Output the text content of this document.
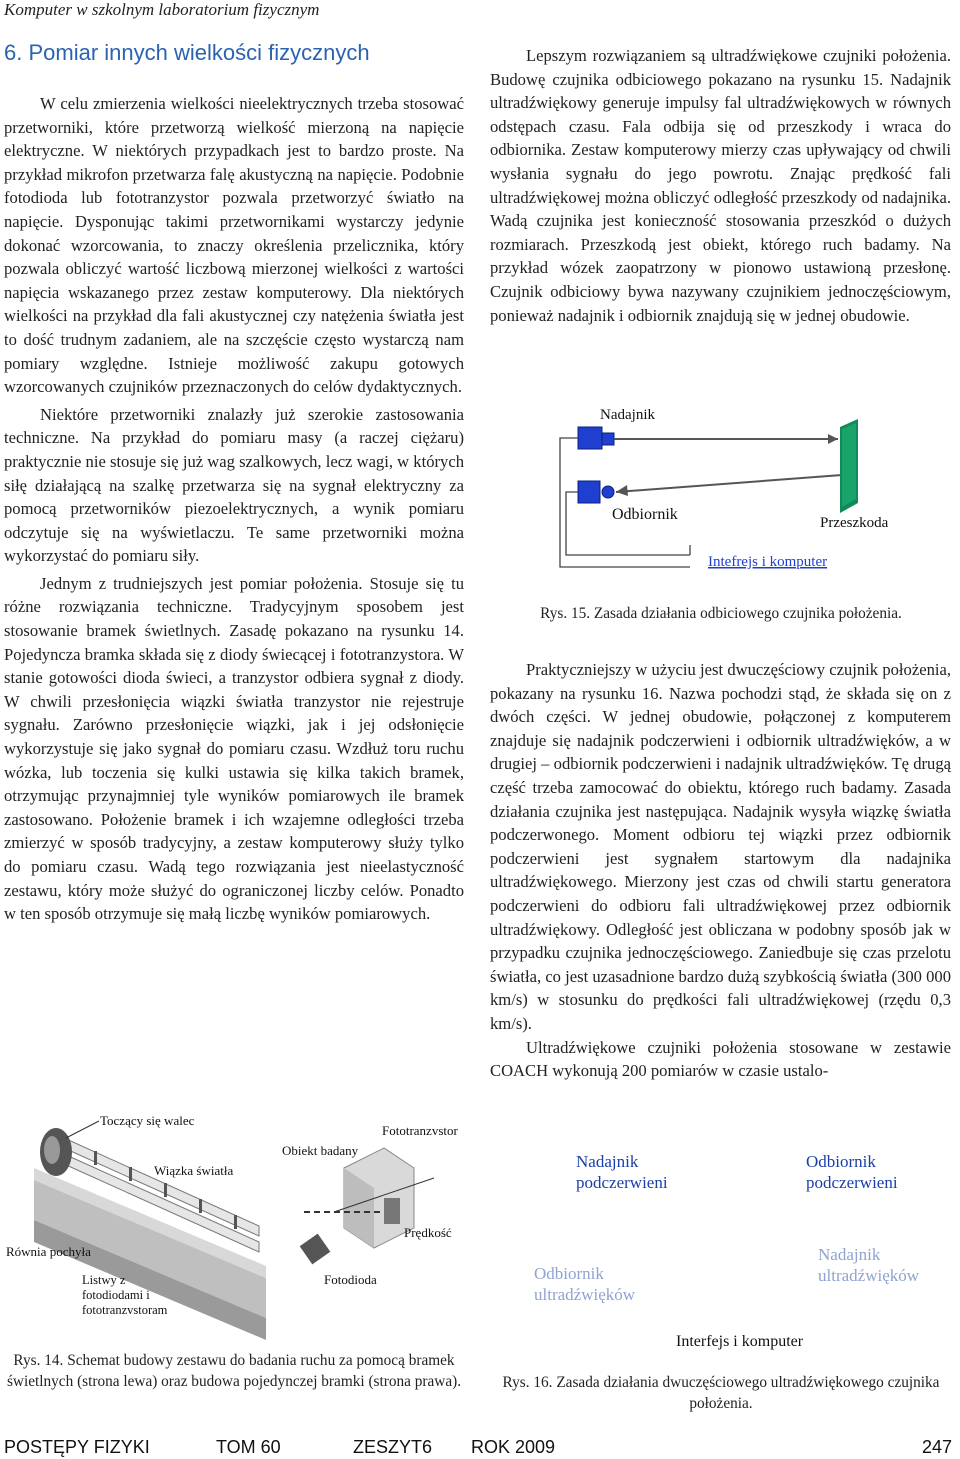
Komputer w szkolnym laboratorium fizycznym
6. Pomiar innych wielkości fizycznych

W celu zmierzenia wielkości nieelektrycznych trzeba stosować przetworniki, które przetworzą wielkość mierzoną na napięcie elektryczne. W niektórych przypadkach jest to bardzo proste. Na przykład mikrofon przetwarza falę akustyczną na napięcie. Podobnie fotodioda lub fototranzystor pozwala przetworzyć światło na napięcie. Dysponując takimi przetwornikami wystarczy jedynie dokonać wzorcowania, to znaczy określenia przelicznika, który pozwala obliczyć wartość liczbową mierzonej wielkości z wartości napięcia wskazanego przez zestaw komputerowy. Dla niektórych wielkości na przykład dla fali akustycznej czy natężenia światła jest to dość trudnym zadaniem, ale na szczęście często wystarczą nam pomiary względne. Istnieje możliwość zakupu gotowych wzorcowanych czujników przeznaczonych do celów dydaktycznych.

Niektóre przetworniki znalazły już szerokie zastosowania techniczne. Na przykład do pomiaru masy (a raczej ciężaru) praktycznie nie stosuje się już wag szalkowych, lecz wagi, w których siłę działającą na szalkę przetwarza się na sygnał elektryczny za pomocą przetworników piezoelektrycznych, a wynik pomiaru odczytuje się na wyświetlaczu. Te same przetworniki można wykorzystać do pomiaru siły.

Jednym z trudniejszych jest pomiar położenia. Stosuje się tu różne rozwiązania techniczne. Tradycyjnym sposobem jest stosowanie bramek świetlnych. Zasadę pokazano na rysunku 14. Pojedyncza bramka składa się z diody świecącej i fototranzystora. W stanie gotowości dioda świeci, a tranzystor odbiera sygnał z diody. W chwili przesłonięcia wiązki światła tranzystor nie rejestruje sygnału. Zarówno przesłonięcie wiązki, jak i jej odsłonięcie wykorzystuje się jako sygnał do pomiaru czasu. Wzdłuż toru ruchu wózka, lub toczenia się kulki ustawia się kilka takich bramek, otrzymując przynajmniej tyle wyników pomiarowych ile bramek zastosowano. Położenie bramek i ich wzajemne odległości trzeba zmierzyć w sposób tradycyjny, a zestaw komputerowy służy tylko do pomiaru czasu. Wadą tego rozwiązania jest nieelastyczność zestawu, który może służyć do ograniczonej liczby celów. Ponadto w ten sposób otrzymuje się małą liczbę wyników pomiarowych.

Lepszym rozwiązaniem są ultradźwiękowe czujniki położenia. Budowę czujnika odbiciowego pokazano na rysunku 15. Nadajnik ultradźwiękowy generuje impulsy fal ultradźwiękowych w równych odstępach czasu. Fala odbija się od przeszkody i wraca do odbiornika. Zestaw komputerowy mierzy czas upływający od chwili wysłania sygnału do jego powrotu. Znając prędkość fali ultradźwiękowej można obliczyć odległość przeszkody od nadajnika. Wadą czujnika jest konieczność stosowania przeszkód o dużych rozmiarach. Przeszkodą jest obiekt, którego ruch badamy. Na przykład wózek zaopatrzony w pionowo ustawioną przesłonę. Czujnik odbiciowy bywa nazywany czujnikiem jednoczęściowym, ponieważ nadajnik i odbiornik znajdują się w jednej obudowie.

Nadajnik
Odbiornik	Przeszkoda
Intefrejs i komputer
Rys. 15. Zasada działania odbiciowego czujnika położenia.

Praktyczniejszy w użyciu jest dwuczęściowy czujnik położenia, pokazany na rysunku 16. Nazwa pochodzi stąd, że składa się on z dwóch części. W jednej obudowie, połączonej z komputerem znajduje się nadajnik podczerwieni i odbiornik ultradźwięków, a w drugiej – odbiornik podczerwieni i nadajnik ultradźwięków. Tę drugą część trzeba zamocować do obiektu, którego ruch badamy. Zasada działania czujnika jest następująca. Nadajnik wysyła wiązkę światła podczerwonego. Moment odbioru tej wiązki przez odbiornik podczerwieni jest sygnałem startowym dla nadajnika ultradźwiękowego. Mierzony jest czas od chwili startu generatora podczerwieni do odbioru fali ultradźwiękowej przez odbiornik ultradźwiękowy. Odległość jest obliczana w podobny sposób jak w przypadku czujnika jednoczęściowego. Zaniedbuje się czas przelotu światła, co jest uzasadnione bardzo dużą szybkością światła (300 000 km/s) w stosunku do prędkości fali ultradźwiękowej (rzędu 0,3 km/s).

Ultradźwiękowe czujniki położenia stosowane w zestawie COACH wykonują 200 pomiarów w czasie ustalo-

Toczący się walec
Wiązka światła
Równia pochyła
Listwy z fotodiodami i fototranzvstoram
Obiekt badany
Fototranzvstor
Prędkość
Fotodioda
Rys. 14. Schemat budowy zestawu do badania ruchu za pomocą bramek świetlnych (strona lewa) oraz budowa pojedynczej bramki (strona prawa).
Nadajnik podczerwieni
Odbiornik podczerwieni
Nadajnik ultradźwięków
Odbiornik ultradźwięków
Interfejs i komputer
Rys. 16. Zasada działania dwuczęściowego ultradźwiękowego czujnika położenia.
POSTĘPY FIZYKI	TOM 60	ZESZYT6 ROK 2009	247
